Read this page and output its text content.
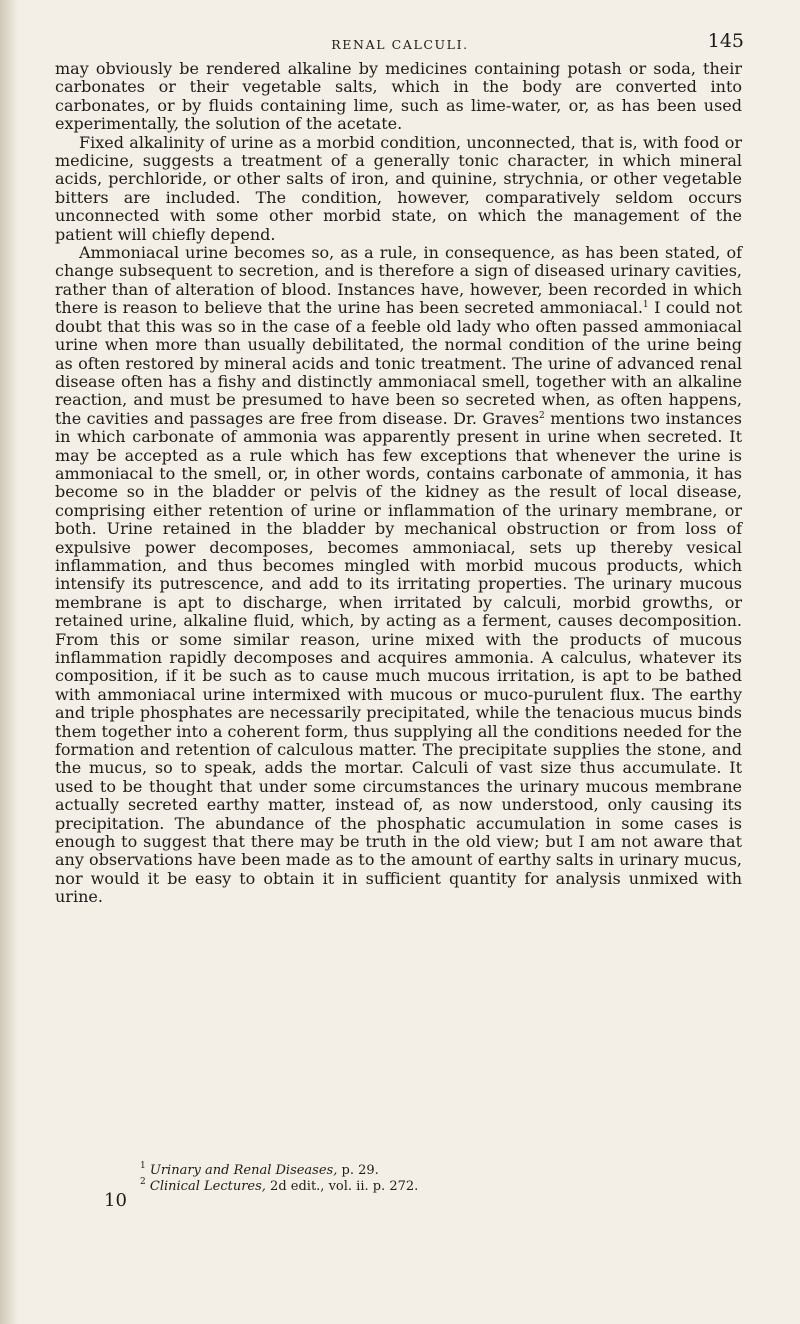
RENAL CALCULI.	145

may obviously be rendered alkaline by medicines containing potash or soda, their carbonates or their vegetable salts, which in the body are converted into carbonates, or by fluids containing lime, such as lime-water, or, as has been used experimentally, the solution of the acetate.

Fixed alkalinity of urine as a morbid condition, unconnected, that is, with food or medicine, suggests a treatment of a generally tonic character, in which mineral acids, perchloride, or other salts of iron, and quinine, strychnia, or other vegetable bitters are included. The condition, however, comparatively seldom occurs unconnected with some other morbid state, on which the management of the patient will chiefly depend.

Ammoniacal urine becomes so, as a rule, in consequence, as has been stated, of change subsequent to secretion, and is therefore a sign of diseased urinary cavities, rather than of alteration of blood. Instances have, however, been recorded in which there is reason to believe that the urine has been secreted ammoniacal.$^1$ I could not doubt that this was so in the case of a feeble old lady who often passed ammoniacal urine when more than usually debilitated, the normal condition of the urine being as often restored by mineral acids and tonic treatment. The urine of advanced renal disease often has a fishy and distinctly ammoniacal smell, together with an alkaline reaction, and must be presumed to have been so secreted when, as often happens, the cavities and passages are free from disease. Dr. Graves$^2$ mentions two instances in which carbonate of ammonia was apparently present in urine when secreted. It may be accepted as a rule which has few exceptions that whenever the urine is ammoniacal to the smell, or, in other words, contains carbonate of ammonia, it has become so in the bladder or pelvis of the kidney as the result of local disease, comprising either retention of urine or inflammation of the urinary membrane, or both. Urine retained in the bladder by mechanical obstruction or from loss of expulsive power decomposes, becomes ammoniacal, sets up thereby vesical inflammation, and thus becomes mingled with morbid mucous products, which intensify its putrescence, and add to its irritating properties. The urinary mucous membrane is apt to discharge, when irritated by calculi, morbid growths, or retained urine, alkaline fluid, which, by acting as a ferment, causes decomposition. From this or some similar reason, urine mixed with the products of mucous inflammation rapidly decomposes and acquires ammonia. A calculus, whatever its composition, if it be such as to cause much mucous irritation, is apt to be bathed with ammoniacal urine intermixed with mucous or muco-purulent flux. The earthy and triple phosphates are necessarily precipitated, while the tenacious mucus binds them together into a coherent form, thus supplying all the conditions needed for the formation and retention of calculous matter. The precipitate supplies the stone, and the mucus, so to speak, adds the mortar. Calculi of vast size thus accumulate. It used to be thought that under some circumstances the urinary mucous membrane actually secreted earthy matter, instead of, as now understood, only causing its precipitation. The abundance of the phosphatic accumulation in some cases is enough to suggest that there may be truth in the old view; but I am not aware that any observations have been made as to the amount of earthy salts in urinary mucus, nor would it be easy to obtain it in sufficient quantity for analysis unmixed with urine.

$^1$ Urinary and Renal Diseases, p. 29.
$^2$ Clinical Lectures, 2d edit., vol. ii. p. 272.
10
